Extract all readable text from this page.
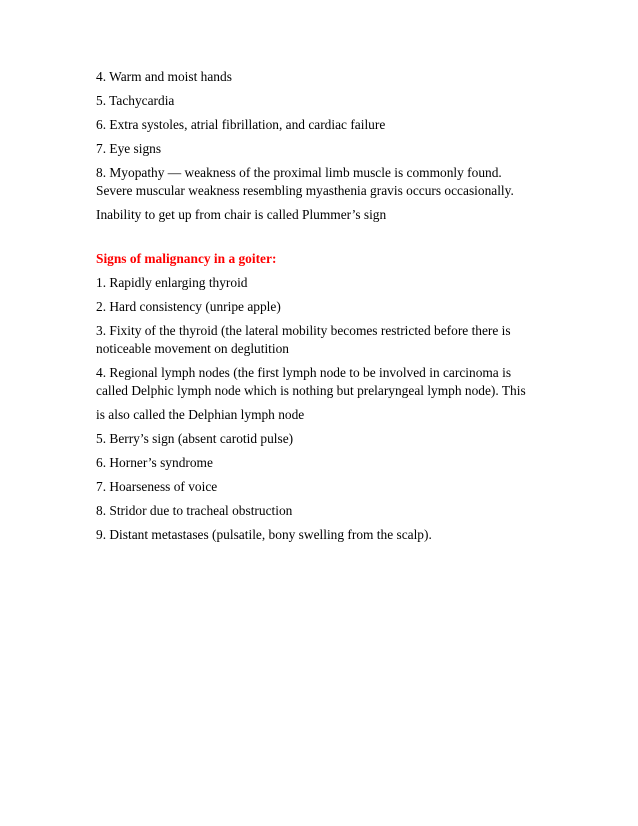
4. Warm and moist hands
5. Tachycardia
6. Extra systoles, atrial fibrillation, and cardiac failure
7. Eye signs
8. Myopathy — weakness of the proximal limb muscle is commonly found.
Severe muscular weakness resembling myasthenia gravis occurs occasionally.
Inability to get up from chair is called Plummer’s sign
Signs of malignancy in a goiter:
1. Rapidly enlarging thyroid
2. Hard consistency (unripe apple)
3. Fixity of the thyroid (the lateral mobility becomes restricted before there is
noticeable movement on deglutition
4. Regional lymph nodes (the first lymph node to be involved in carcinoma is
called Delphic lymph node which is nothing but prelaryngeal lymph node). This
is also called the Delphian lymph node
5. Berry’s sign (absent carotid pulse)
6. Horner’s syndrome
7. Hoarseness of voice
8. Stridor due to tracheal obstruction
9. Distant metastases (pulsatile, bony swelling from the scalp).
